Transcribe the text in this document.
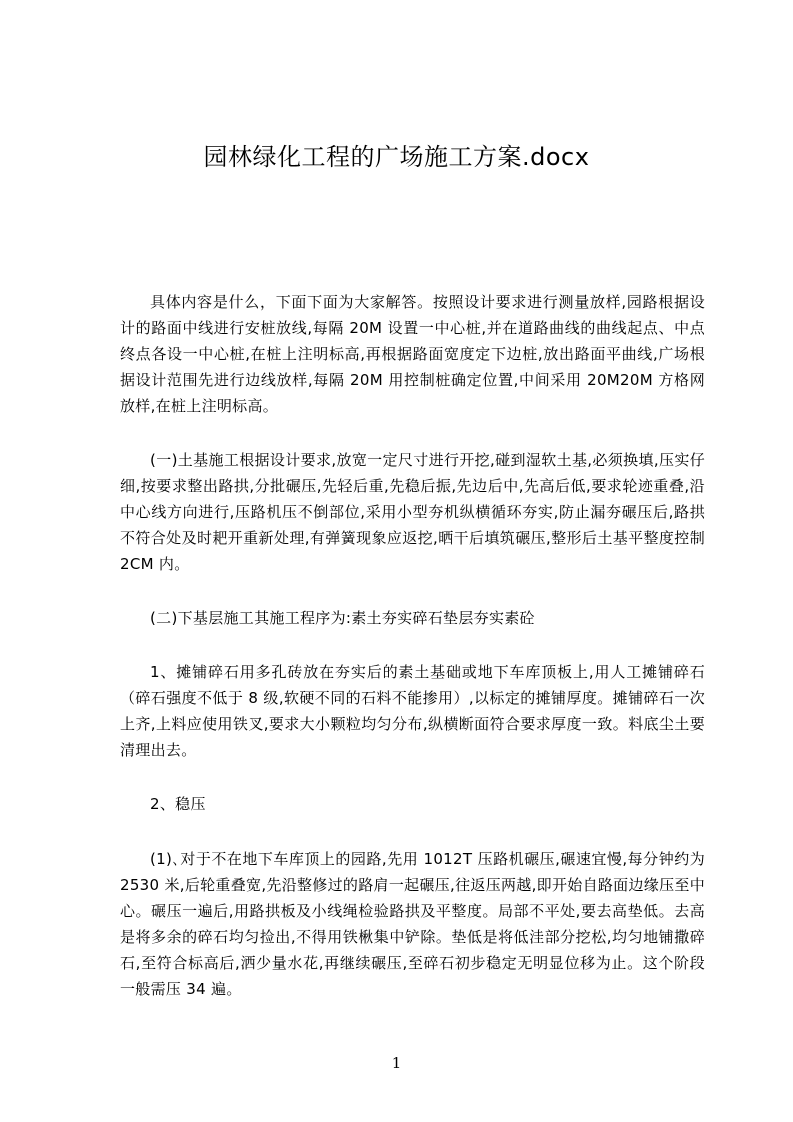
园林绿化工程的广场施工方案.docx

具体内容是什么，下面下面为大家解答。按照设计要求进行测量放样,园路根据设计的路面中线进行安桩放线,每隔 20M 设置一中心桩,并在道路曲线的曲线起点、中点终点各设一中心桩,在桩上注明标高,再根据路面宽度定下边桩,放出路面平曲线,广场根据设计范围先进行边线放样,每隔 20M 用控制桩确定位置,中间采用 20M20M 方格网放样,在桩上注明标高。

(一)土基施工根据设计要求,放宽一定尺寸进行开挖,碰到湿软土基,必须换填,压实仔细,按要求整出路拱,分批碾压,先轻后重,先稳后振,先边后中,先高后低,要求轮迹重叠,沿中心线方向进行,压路机压不倒部位,采用小型夯机纵横循环夯实,防止漏夯碾压后,路拱不符合处及时耙开重新处理,有弹簧现象应返挖,晒干后填筑碾压,整形后土基平整度控制 2CM 内。

(二)下基层施工其施工程序为:素土夯实碎石垫层夯实素砼

1、摊铺碎石用多孔砖放在夯实后的素土基础或地下车库顶板上,用人工摊铺碎石（碎石强度不低于 8 级,软硬不同的石料不能掺用）,以标定的摊铺厚度。摊铺碎石一次上齐,上料应使用铁叉,要求大小颗粒均匀分布,纵横断面符合要求厚度一致。料底尘土要清理出去。

2、稳压

(1)､对于不在地下车库顶上的园路,先用 1012T 压路机碾压,碾速宜慢,每分钟约为 2530 米,后轮重叠宽,先沿整修过的路肩一起碾压,往返压两越,即开始自路面边缘压至中心。碾压一遍后,用路拱板及小线绳检验路拱及平整度。局部不平处,要去高垫低。去高是将多余的碎石均匀捡出,不得用铁楸集中铲除。垫低是将低洼部分挖松,均匀地铺撒碎石,至符合标高后,洒少量水花,再继续碾压,至碎石初步稳定无明显位移为止。这个阶段一般需压 34 遍。

1
